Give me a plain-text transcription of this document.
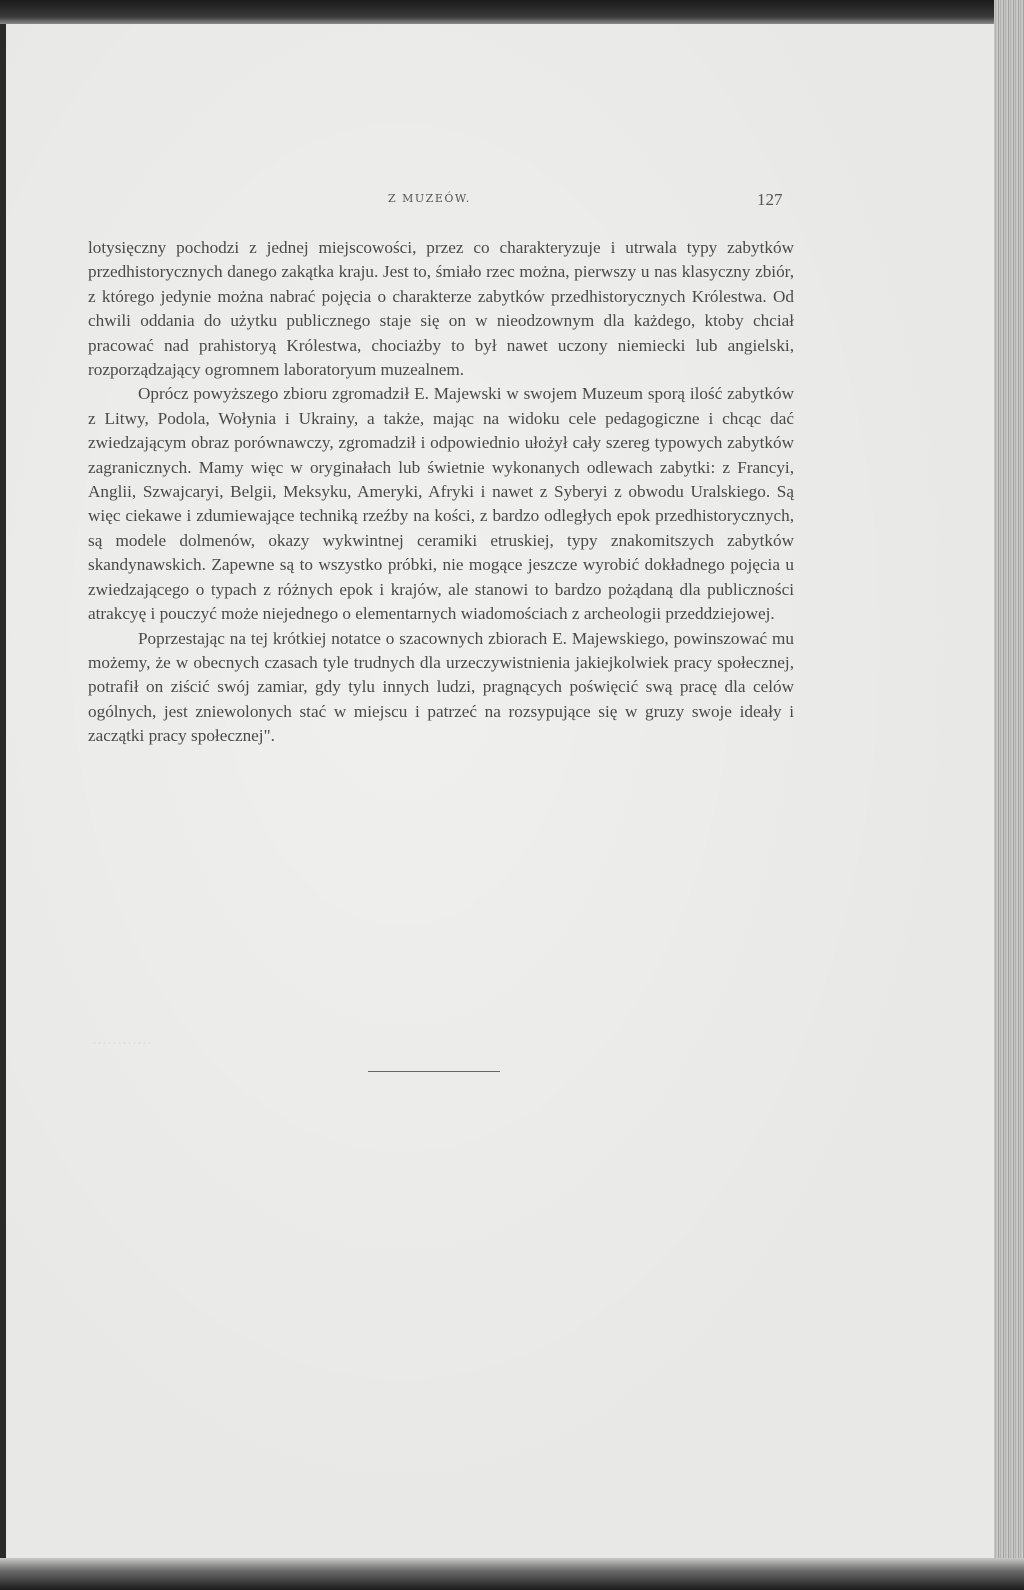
············
Z MUZEÓW.	127

lotysięczny pochodzi z jednej miejscowości, przez co charakteryzuje i utrwala typy zabytków przedhistorycznych danego zakątka kraju. Jest to, śmiało rzec można, pierwszy u nas klasyczny zbiór, z którego jedynie można nabrać pojęcia o charakterze zabytków przedhistorycznych Królestwa. Od chwili oddania do użytku publicznego staje się on w nieodzownym dla każdego, ktoby chciał pracować nad prahistoryą Królestwa, chociażby to był nawet uczony niemiecki lub angielski, rozporządzający ogromnem laboratoryum muzealnem.

Oprócz powyższego zbioru zgromadził E. Majewski w swojem Muzeum sporą ilość zabytków z Litwy, Podola, Wołynia i Ukrainy, a także, mając na widoku cele pedagogiczne i chcąc dać zwiedzającym obraz porównawczy, zgromadził i odpowiednio ułożył cały szereg typowych zabytków zagranicznych. Mamy więc w oryginałach lub świetnie wykonanych odlewach zabytki: z Francyi, Anglii, Szwajcaryi, Belgii, Meksyku, Ameryki, Afryki i nawet z Syberyi z obwodu Uralskiego. Są więc ciekawe i zdumiewające techniką rzeźby na kości, z bardzo odległych epok przedhistorycznych, są modele dolmenów, okazy wykwintnej ceramiki etruskiej, typy znakomitszych zabytków skandynawskich. Zapewne są to wszystko próbki, nie mogące jeszcze wyrobić dokładnego pojęcia u zwiedzającego o typach z różnych epok i krajów, ale stanowi to bardzo pożądaną dla publiczności atrakcyę i pouczyć może niejednego o elementarnych wiadomościach z archeologii przeddziejowej.

Poprzestając na tej krótkiej notatce o szacownych zbiorach E. Majewskiego, powinszować mu możemy, że w obecnych czasach tyle trudnych dla urzeczywistnienia jakiejkolwiek pracy społecznej, potrafił on ziścić swój zamiar, gdy tylu innych ludzi, pragnących poświęcić swą pracę dla celów ogólnych, jest zniewolonych stać w miejscu i patrzeć na rozsypujące się w gruzy swoje ideały i zaczątki pracy społecznej".
